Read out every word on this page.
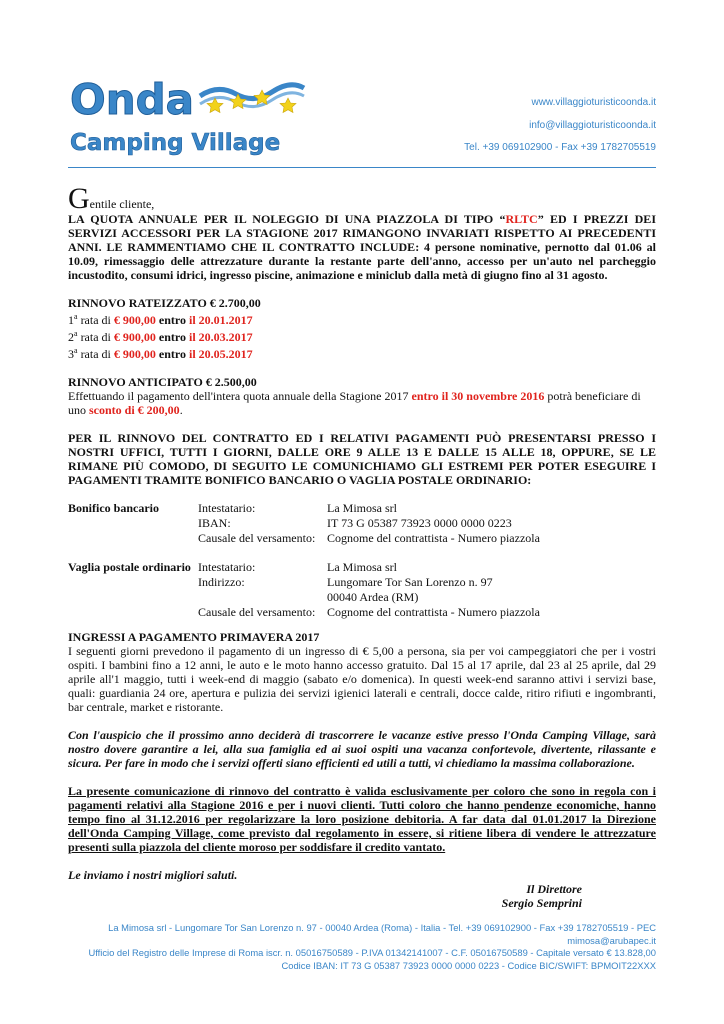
Onda
Camping Village
www.villaggioturisticoonda.it
info@villaggioturisticoonda.it
Tel. +39 069102900 - Fax +39 1782705519

Gentile cliente,

LA QUOTA ANNUALE PER IL NOLEGGIO DI UNA PIAZZOLA DI TIPO “RLTC” ED I PREZZI DEI SERVIZI ACCESSORI PER LA STAGIONE 2017 RIMANGONO INVARIATI RISPETTO AI PRECEDENTI ANNI. LE RAMMENTIAMO CHE IL CONTRATTO INCLUDE: 4 persone nominative, pernotto dal 01.06 al 10.09, rimessaggio delle attrezzature durante la restante parte dell'anno, accesso per un'auto nel parcheggio incustodito, consumi idrici, ingresso piscine, animazione e miniclub dalla metà di giugno fino al 31 agosto.

RINNOVO RATEIZZATO € 2.700,00

1$^a$ rata di € 900,00 entro il 20.01.2017

2$^a$ rata di € 900,00 entro il 20.03.2017

3$^a$ rata di € 900,00 entro il 20.05.2017

RINNOVO ANTICIPATO € 2.500,00

Effettuando il pagamento dell'intera quota annuale della Stagione 2017 entro il 30 novembre 2016 potrà beneficiare di uno sconto di € 200,00.

PER IL RINNOVO DEL CONTRATTO ED I RELATIVI PAGAMENTI PUÒ PRESENTARSI PRESSO I NOSTRI UFFICI, TUTTI I GIORNI, DALLE ORE 9 ALLE 13 E DALLE 15 ALLE 18, OPPURE, SE LE RIMANE PIÙ COMODO, DI SEGUITO LE COMUNICHIAMO GLI ESTREMI PER POTER ESEGUIRE I PAGAMENTI TRAMITE BONIFICO BANCARIO O VAGLIA POSTALE ORDINARIO:

Bonifico bancario	Intestatario:	La Mimosa srl
IBAN:	IT 73 G 05387 73923 0000 0000 0223
Causale del versamento: Cognome del contrattista - Numero piazzola
Vaglia postale ordinario Intestatario:	La Mimosa srl
Indirizzo:	Lungomare Tor San Lorenzo n. 97
00040 Ardea (RM)
Causale del versamento: Cognome del contrattista - Numero piazzola

INGRESSI A PAGAMENTO PRIMAVERA 2017

I seguenti giorni prevedono il pagamento di un ingresso di € 5,00 a persona, sia per voi campeggiatori che per i vostri ospiti. I bambini fino a 12 anni, le auto e le moto hanno accesso gratuito. Dal 15 al 17 aprile, dal 23 al 25 aprile, dal 29 aprile all'1 maggio, tutti i week-end di maggio (sabato e/o domenica). In questi week-end saranno attivi i servizi base, quali: guardiania 24 ore, apertura e pulizia dei servizi igienici laterali e centrali, docce calde, ritiro rifiuti e ingombranti, bar centrale, market e ristorante.

Con l'auspicio che il prossimo anno deciderà di trascorrere le vacanze estive presso l'Onda Camping Village, sarà nostro dovere garantire a lei, alla sua famiglia ed ai suoi ospiti una vacanza confortevole, divertente, rilassante e sicura. Per fare in modo che i servizi offerti siano efficienti ed utili a tutti, vi chiediamo la massima collaborazione.

La presente comunicazione di rinnovo del contratto è valida esclusivamente per coloro che sono in regola con i pagamenti relativi alla Stagione 2016 e per i nuovi clienti. Tutti coloro che hanno pendenze economiche, hanno tempo fino al 31.12.2016 per regolarizzare la loro posizione debitoria. A far data dal 01.01.2017 la Direzione dell'Onda Camping Village, come previsto dal regolamento in essere, si ritiene libera di vendere le attrezzature presenti sulla piazzola del cliente moroso per soddisfare il credito vantato.

Le inviamo i nostri migliori saluti.

Il Direttore

Sergio Semprini

La Mimosa srl - Lungomare Tor San Lorenzo n. 97 - 00040 Ardea (Roma) - Italia - Tel. +39 069102900 - Fax +39 1782705519 - PEC mimosa@arubapec.it
Ufficio del Registro delle Imprese di Roma iscr. n. 05016750589 - P.IVA 01342141007 - C.F. 05016750589 - Capitale versato € 13.828,00
Codice IBAN: IT 73 G 05387 73923 0000 0000 0223 - Codice BIC/SWIFT: BPMOIT22XXX
